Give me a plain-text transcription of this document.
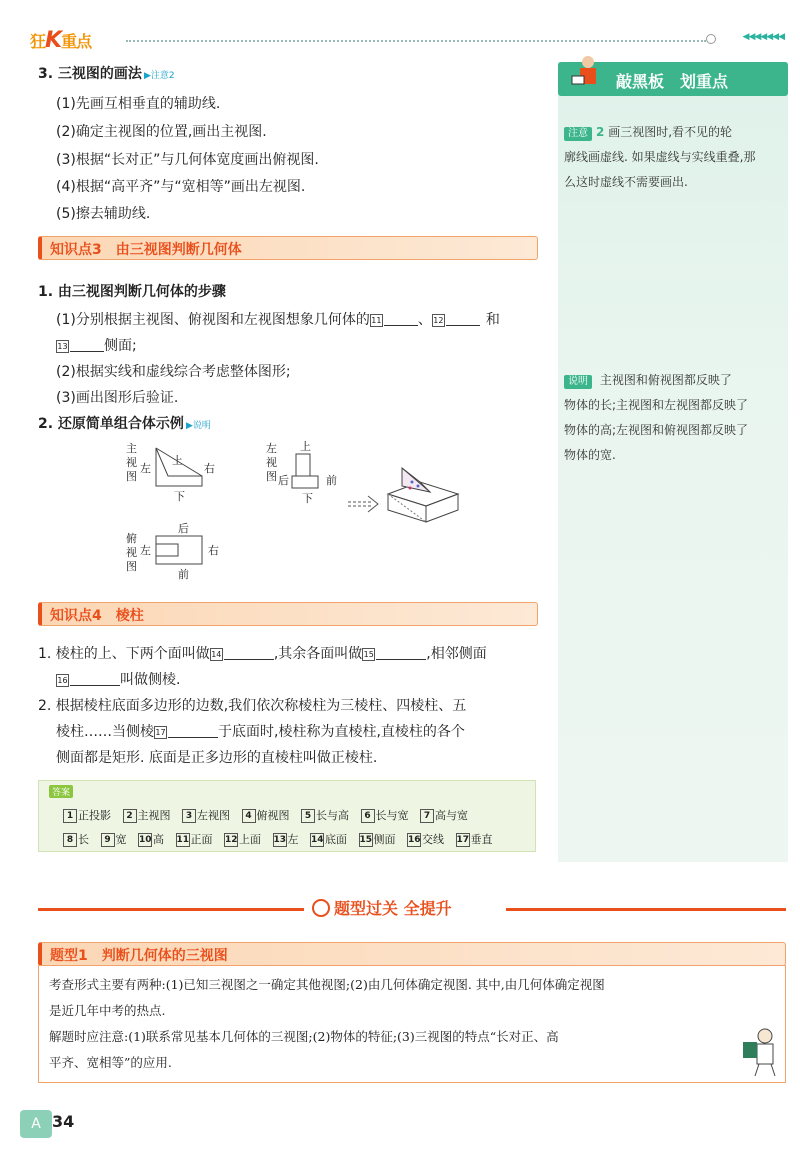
狂K重点	◀◀◀◀◀◀◀
3. 三视图的画法 ▶注意2
(1)先画互相垂直的辅助线.
(2)确定主视图的位置,画出主视图.
(3)根据“长对正”与几何体宽度画出俯视图.
(4)根据“高平齐”与“宽相等”画出左视图.
(5)擦去辅助线.
知识点3　由三视图判断几何体
1. 由三视图判断几何体的步骤
(1)分别根据主视图、俯视图和左视图想象几何体的11	、12	和
13	侧面;
(2)根据实线和虚线综合考虑整体图形;
(3)画出图形后验证.
2. 还原简单组合体示例 ▶说明
主
视
图
上
左	右
下
左
视
图
上
后	前
下
俯
视
图
后
左	右
前
知识点4　棱柱
1. 棱柱的上、下两个面叫做14	,其余各面叫做15	,相邻侧面
16	叫做侧棱.
2. 根据棱柱底面多边形的边数,我们依次称棱柱为三棱柱、四棱柱、五
棱柱……当侧棱17	于底面时,棱柱称为直棱柱,直棱柱的各个
侧面都是矩形. 底面是正多边形的直棱柱叫做正棱柱.
答案
1 正投影 2 主视图 3 左视图 4 俯视图 5 长与高 6 长与宽 7 高与宽
8 长 9 宽 10高 11正面 12上面 13左 14底面 15侧面 16交线 17垂直
敲黑板　划重点
注意 2 画三视图时,看不见的轮
廓线画虚线. 如果虚线与实线重叠,那
么这时虚线不需要画出.
说明 主视图和俯视图都反映了
物体的长;主视图和左视图都反映了
物体的高;左视图和俯视图都反映了
物体的宽.
题型过关 全提升
题型1　判断几何体的三视图
考查形式主要有两种:(1)已知三视图之一确定其他视图;(2)由几何体确定视图. 其中,由几何体确定视图
是近几年中考的热点.
解题时应注意:(1)联系常见基本几何体的三视图;(2)物体的特征;(3)三视图的特点“长对正、高
平齐、宽相等”的应用.
A 34
